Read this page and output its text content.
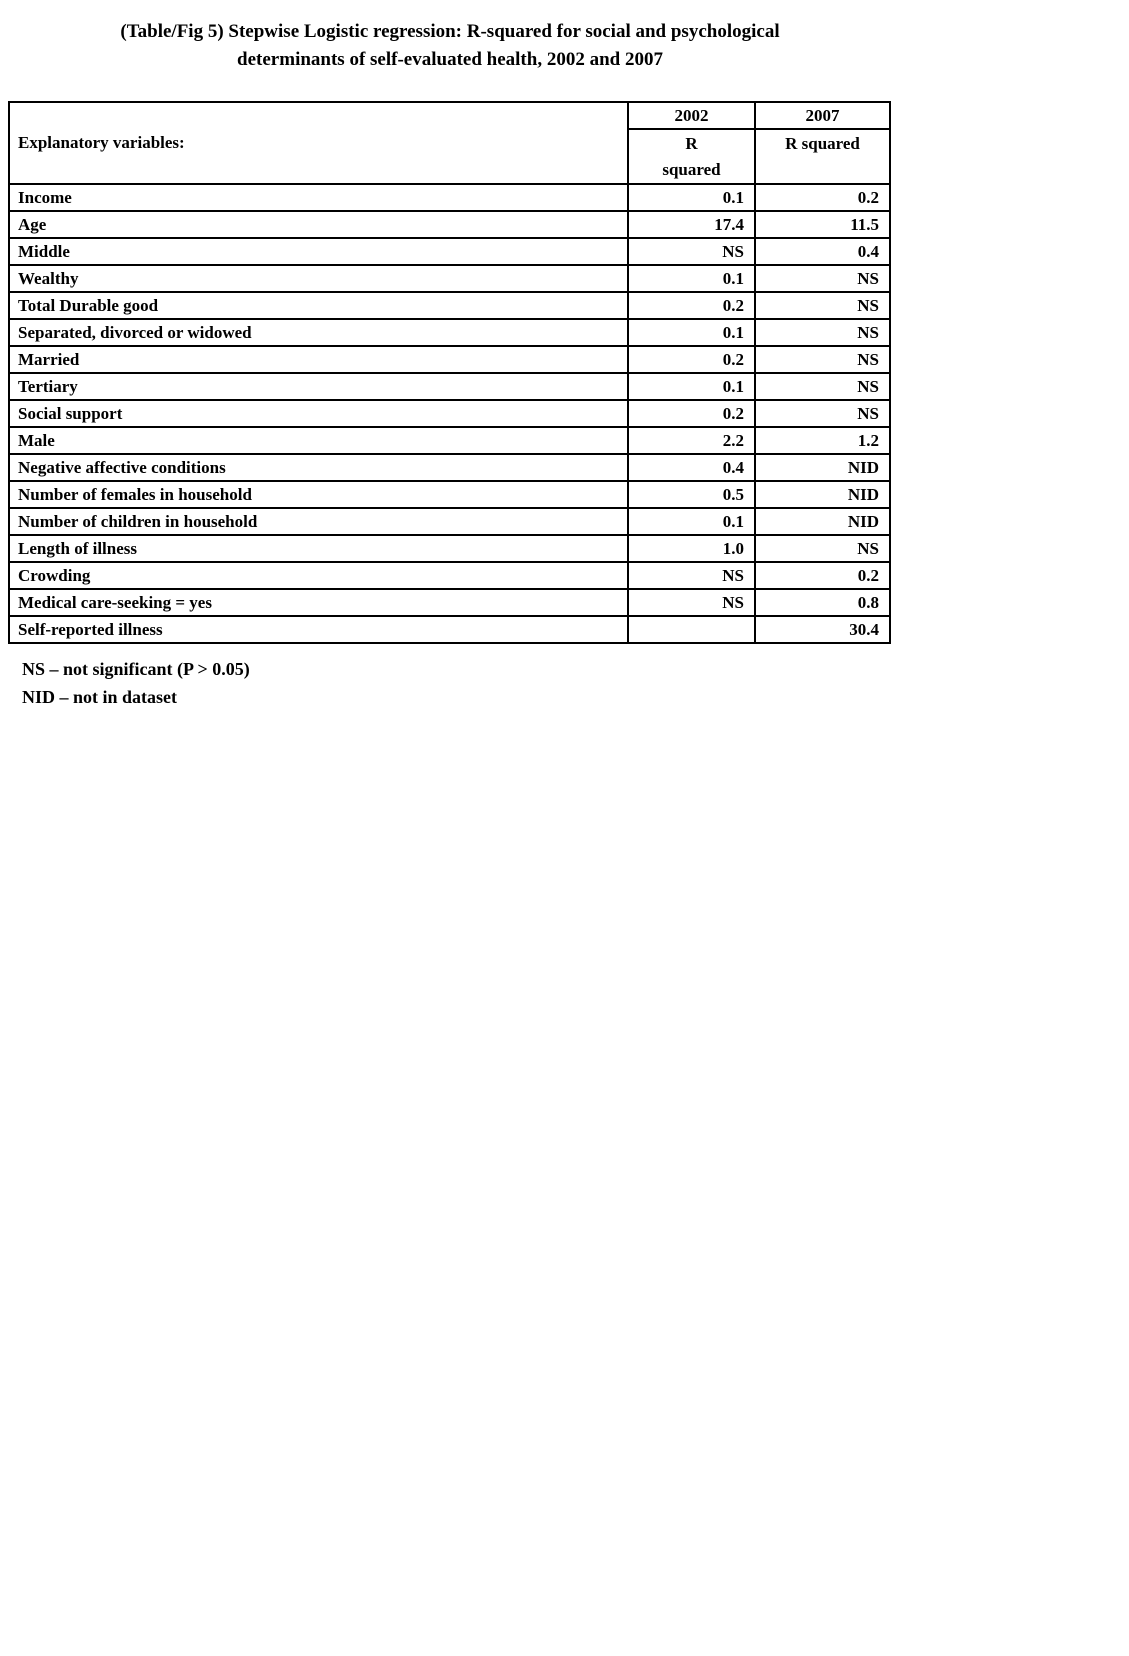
(Table/Fig 5) Stepwise Logistic regression: R-squared for social and psychological
determinants of self-evaluated health, 2002 and 2007
Explanatory variables:	2002	2007
	R squared	R squared
Income	0.1	0.2
Age	17.4	11.5
Middle	NS	0.4
Wealthy	0.1	NS
Total Durable good	0.2	NS
Separated, divorced or widowed	0.1	NS
Married	0.2	NS
Tertiary	0.1	NS
Social support	0.2	NS
Male	2.2	1.2
Negative affective conditions	0.4	NID
Number of females in household	0.5	NID
Number of children in household	0.1	NID
Length of illness	1.0	NS
Crowding	NS	0.2
Medical care-seeking = yes	NS	0.8
Self-reported illness		30.4
NS – not significant (P > 0.05)
NID – not in dataset
